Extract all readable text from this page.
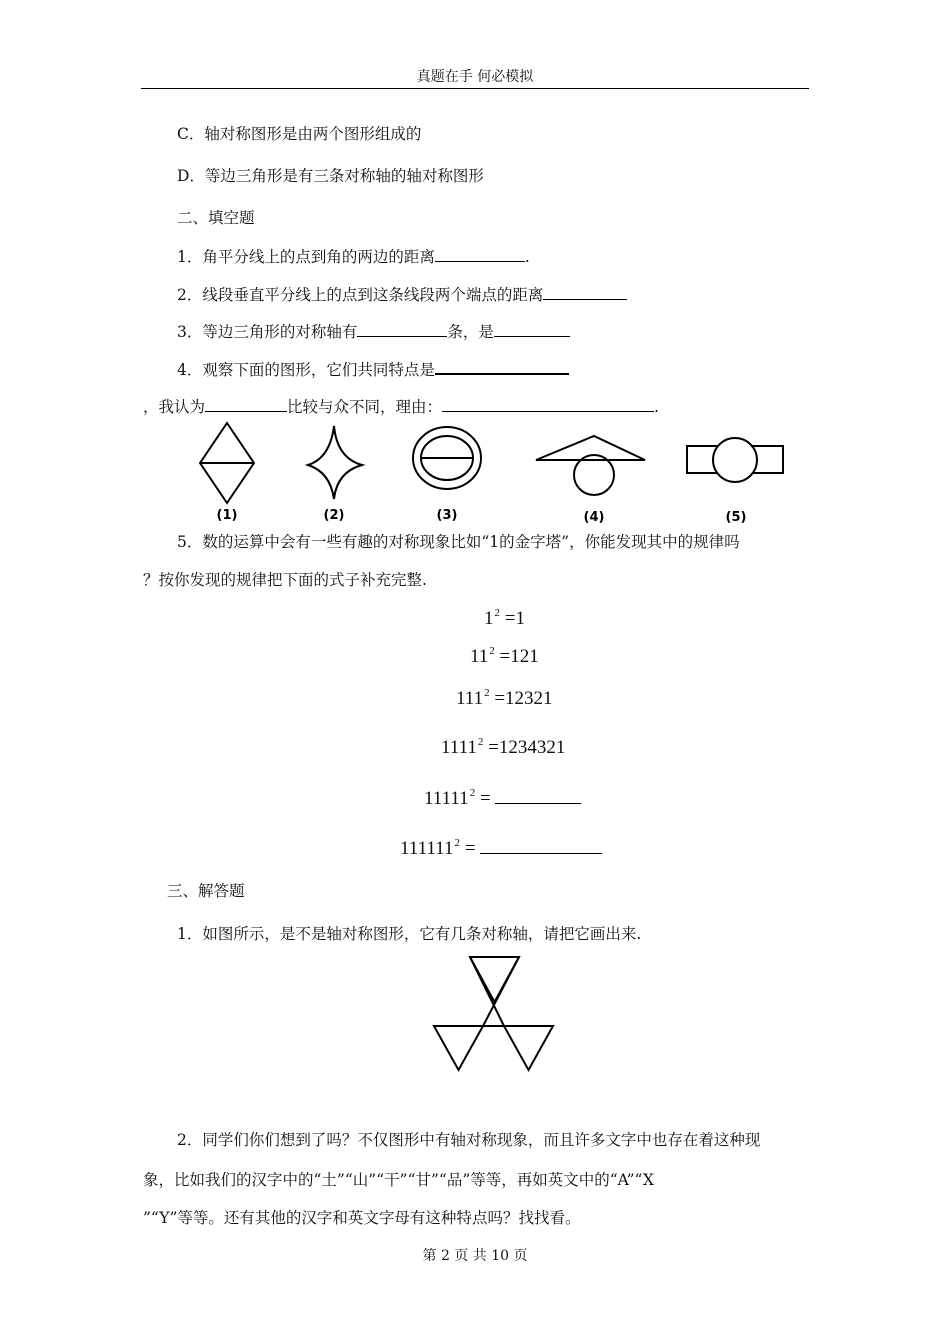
真题在手 何必模拟
C．轴对称图形是由两个图形组成的
D．等边三角形是有三条对称轴的轴对称图形
二、填空题
1．角平分线上的点到角的两边的距离	.
2．线段垂直平分线上的点到这条线段两个端点的距离
3．等边三角形的对称轴有	条，是
4．观察下面的图形，它们共同特点是
，我认为	比较与众不同，理由：	.
(1)	(2)	(3)	(4)	(5)
5．数的运算中会有一些有趣的对称现象比如“1的金字塔”，你能发现其中的规律吗
？按你发现的规律把下面的式子补充完整.
$1^2 =1$
$11^2 =121$
$111^2 =12321$
$1111^2 =1234321$
$11111^2$ =
$111111^2$ =
三、解答题
1．如图所示，是不是轴对称图形，它有几条对称轴，请把它画出来.
2．同学们你们想到了吗？不仅图形中有轴对称现象，而且许多文字中也存在着这种现
象，比如我们的汉字中的“土”“山”“干”“甘”“品”等等，再如英文中的“A”“X
”“Y”等等。还有其他的汉字和英文字母有这种特点吗？找找看。
第 2 页 共 10 页
